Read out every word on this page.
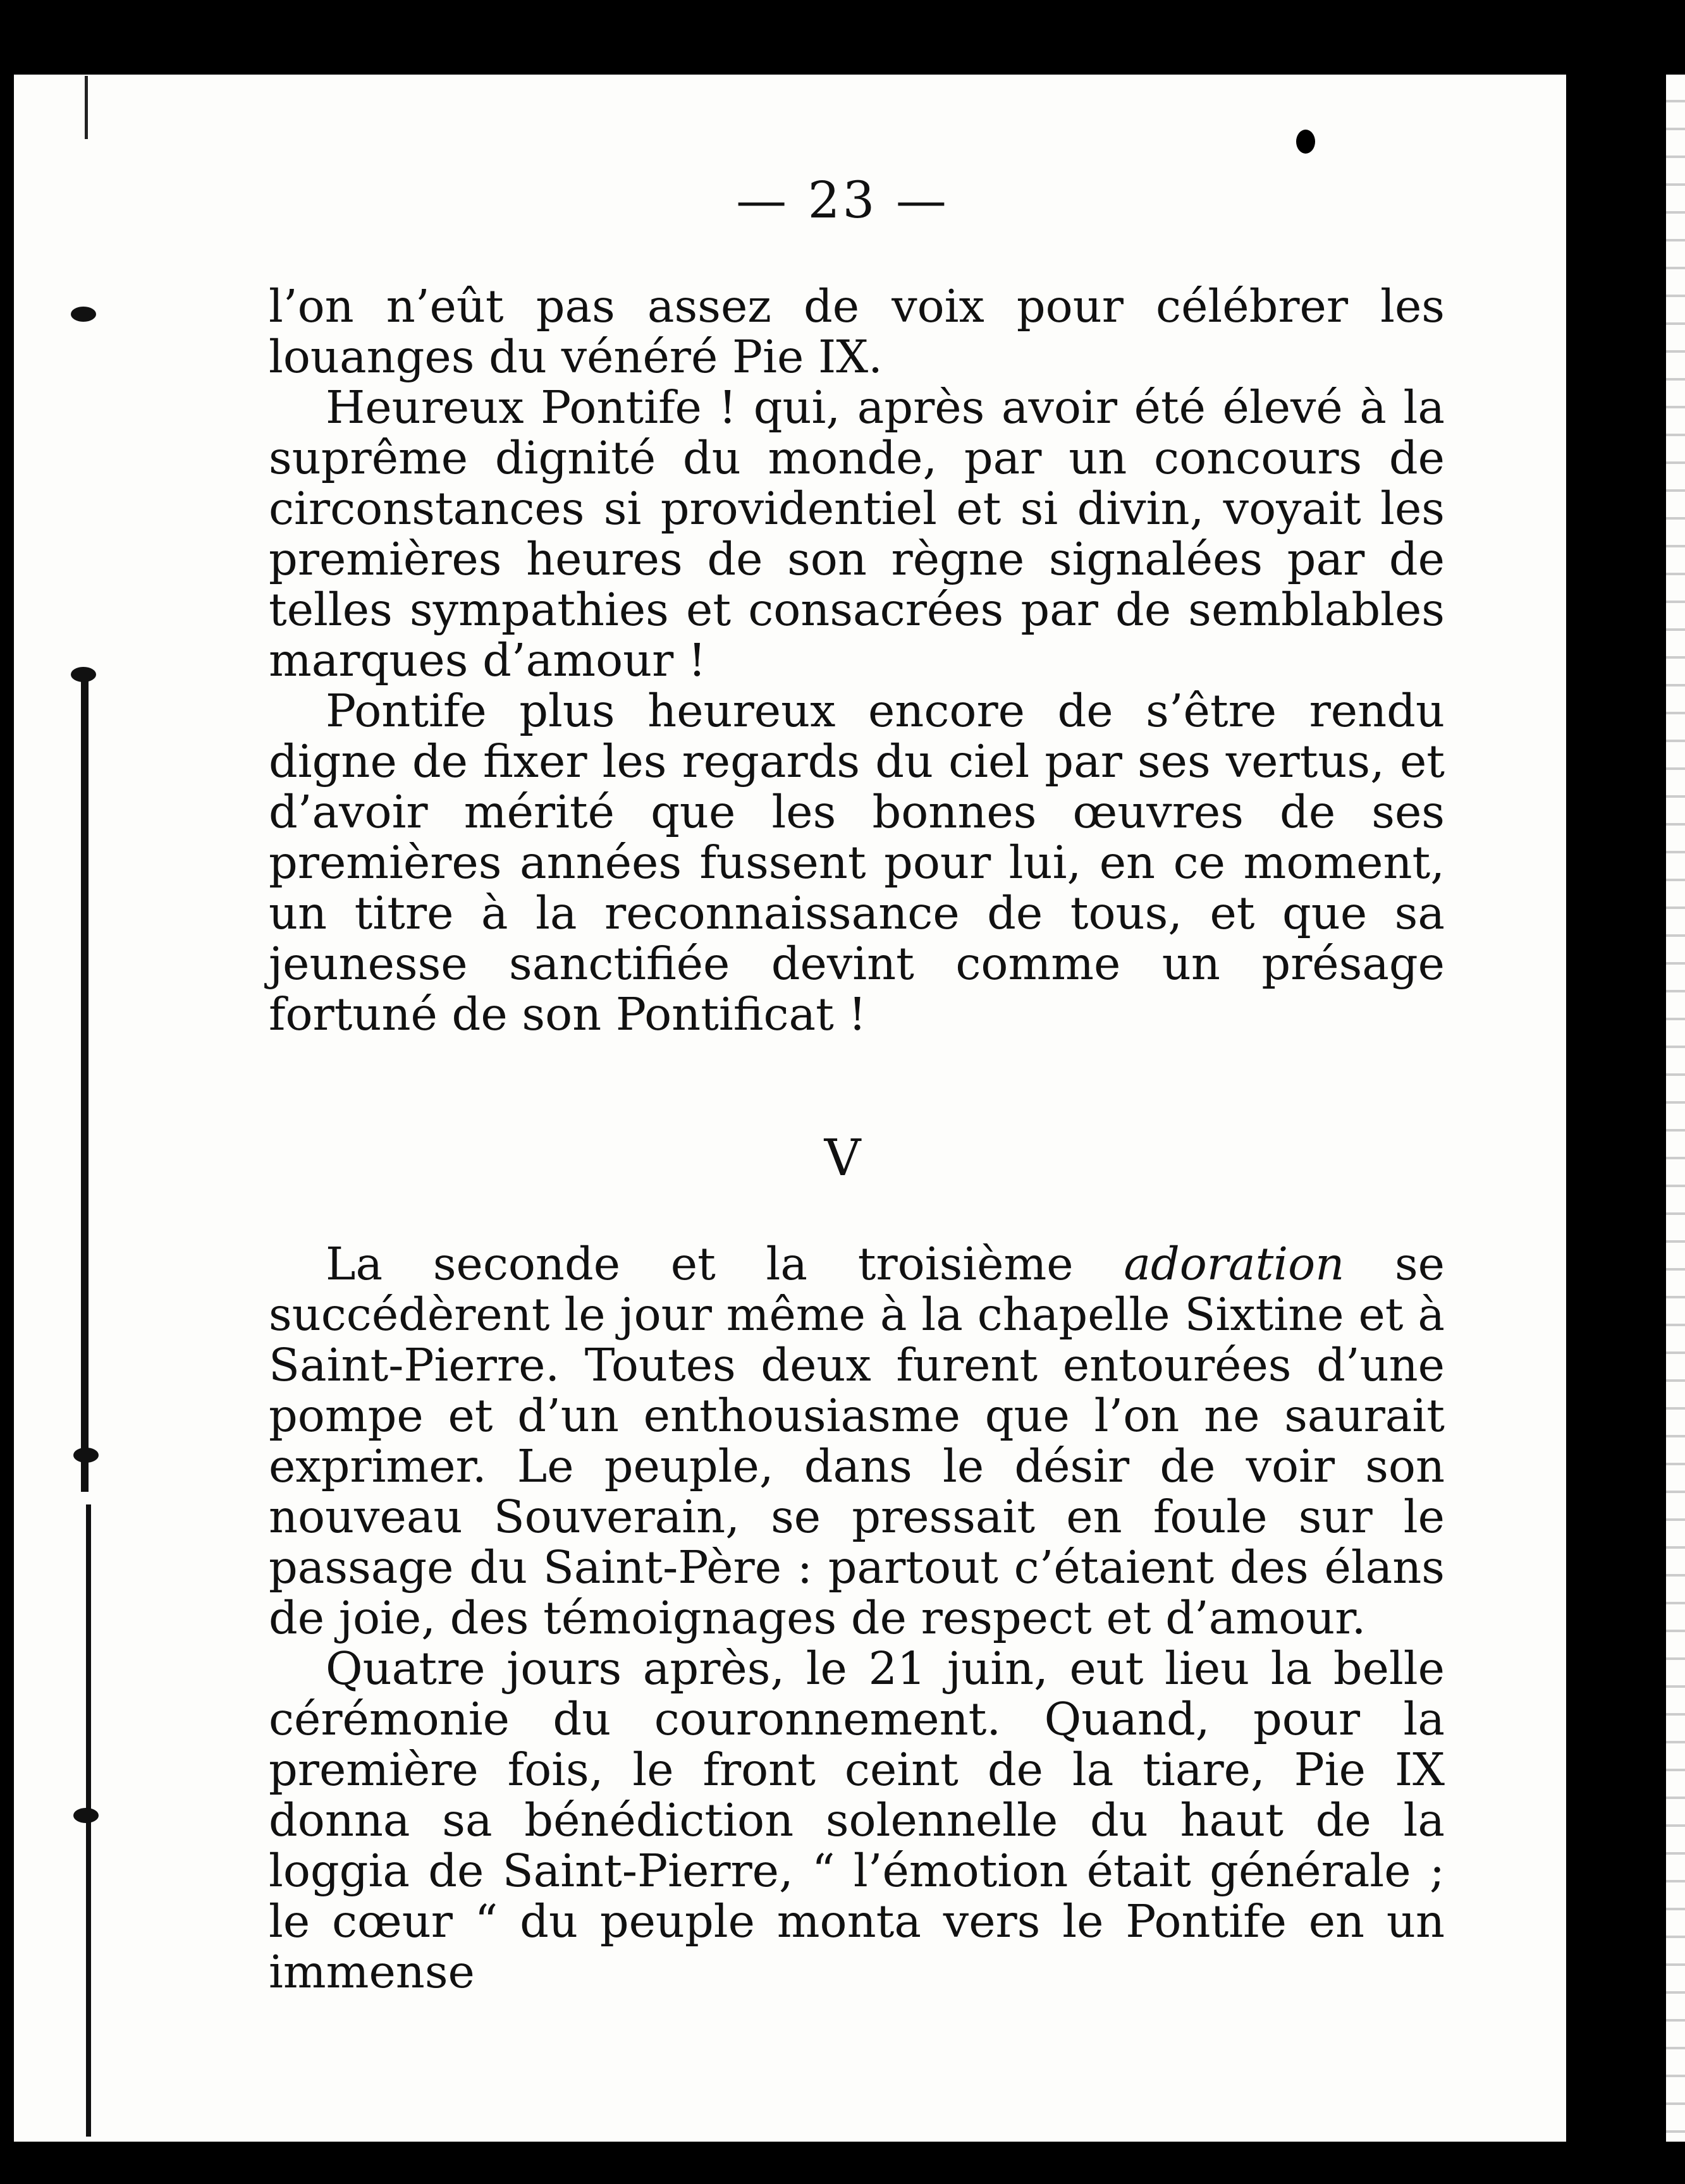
— 23 —

l’on n’eût pas assez de voix pour célébrer les louanges du vénéré Pie IX.

Heureux Pontife ! qui, après avoir été élevé à la suprême dignité du monde, par un concours de circonstances si providentiel et si divin, voyait les premières heures de son règne signalées par de telles sympathies et consacrées par de semblables marques d’amour !

Pontife plus heureux encore de s’être rendu digne de fixer les regards du ciel par ses vertus, et d’avoir mérité que les bonnes œuvres de ses premières années fussent pour lui, en ce moment, un titre à la reconnaissance de tous, et que sa jeunesse sanctifiée devint comme un présage fortuné de son Pontificat !

V

La seconde et la troisième adoration se succédèrent le jour même à la chapelle Sixtine et à Saint-Pierre. Toutes deux furent entourées d’une pompe et d’un enthousiasme que l’on ne saurait exprimer. Le peuple, dans le désir de voir son nouveau Souverain, se pressait en foule sur le passage du Saint-Père : partout c’étaient des élans de joie, des témoignages de respect et d’amour.

Quatre jours après, le 21 juin, eut lieu la belle cérémonie du couronnement. Quand, pour la première fois, le front ceint de la tiare, Pie IX donna sa bénédiction solennelle du haut de la loggia de Saint-Pierre, “ l’émotion était générale ; le cœur “ du peuple monta vers le Pontife en un immense
